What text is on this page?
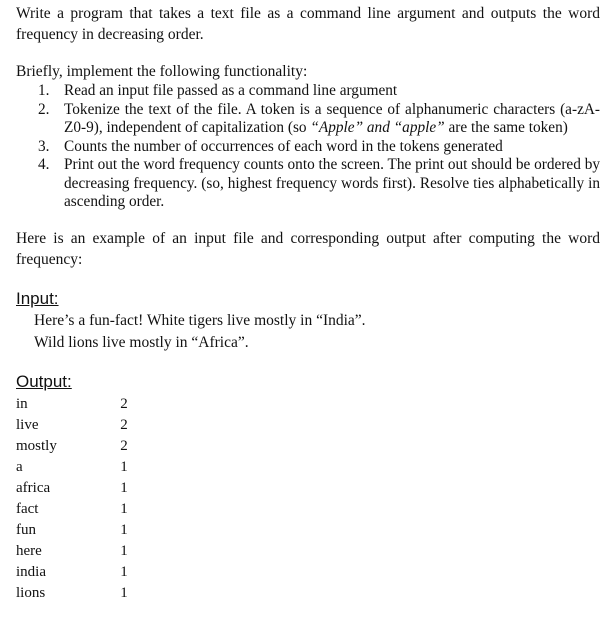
Write a program that takes a text file as a command line argument and outputs the word frequency in decreasing order.

Briefly, implement the following functionality:

1. Read an input file passed as a command line argument
2. Tokenize the text of the file. A token is a sequence of alphanumeric characters (a-zA-Z0-9), independent of capitalization (so “Apple” and “apple” are the same token)
3. Counts the number of occurrences of each word in the tokens generated
4. Print out the word frequency counts onto the screen. The print out should be ordered by decreasing frequency. (so, highest frequency words first). Resolve ties alphabetically in ascending order.

Here is an example of an input file and corresponding output after computing the word frequency:

Input:
Here’s a fun-fact! White tigers live mostly in “India”.
Wild lions live mostly in “Africa”.
Output:
in	2
live	2
mostly	2
a	1
africa	1
fact	1
fun	1
here	1
india	1
lions	1
